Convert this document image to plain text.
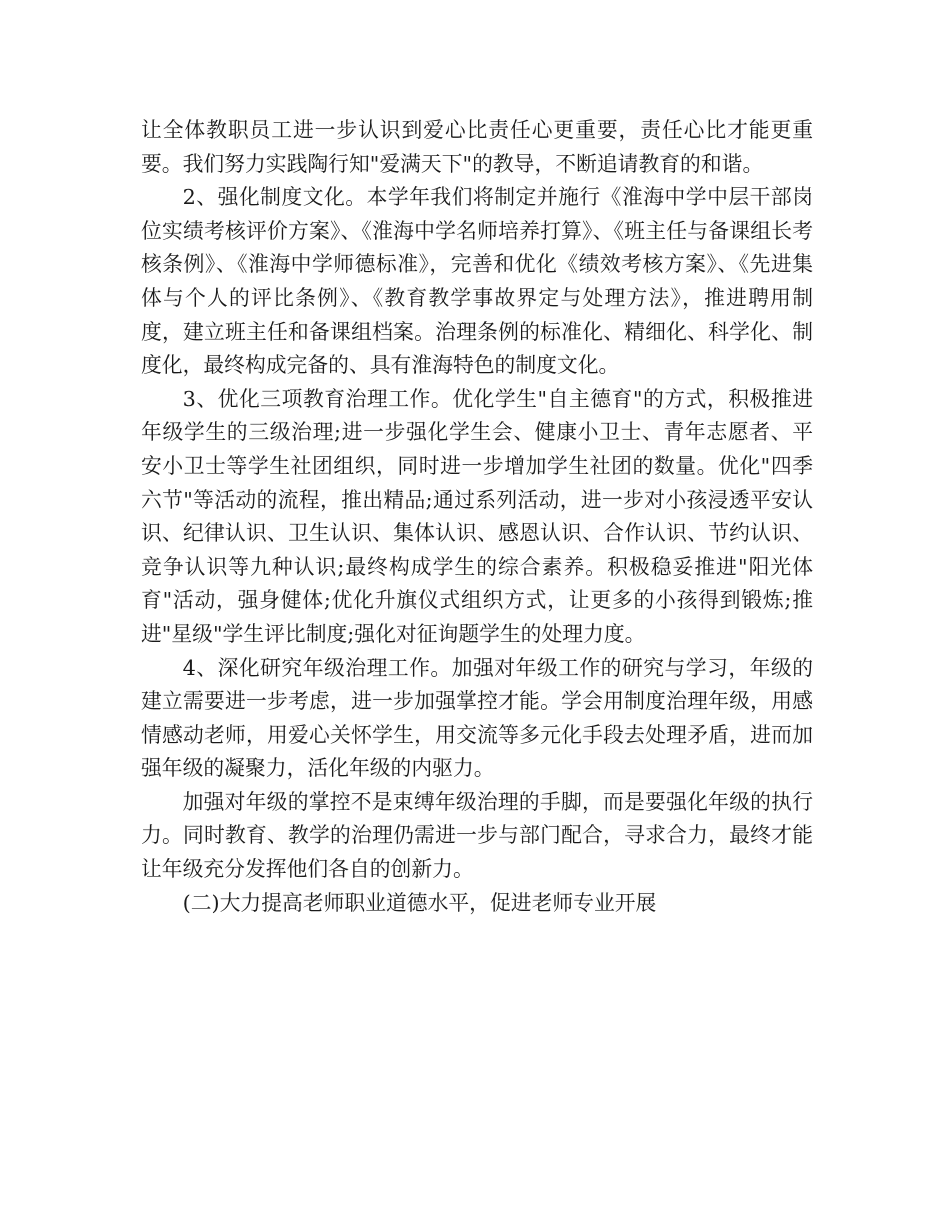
让全体教职员工进一步认识到爱心比责任心更重要，责任心比才能更重要。我们努力实践陶行知"爱满天下"的教导，不断追请教育的和谐。

2、强化制度文化。本学年我们将制定并施行《淮海中学中层干部岗位实绩考核评价方案》、《淮海中学名师培养打算》、《班主任与备课组长考核条例》、《淮海中学师德标准》，完善和优化《绩效考核方案》、《先进集体与个人的评比条例》、《教育教学事故界定与处理方法》，推进聘用制度，建立班主任和备课组档案。治理条例的标准化、精细化、科学化、制度化，最终构成完备的、具有淮海特色的制度文化。

3、优化三项教育治理工作。优化学生"自主德育"的方式，积极推进年级学生的三级治理;进一步强化学生会、健康小卫士、青年志愿者、平安小卫士等学生社团组织，同时进一步增加学生社团的数量。优化"四季六节"等活动的流程，推出精品;通过系列活动，进一步对小孩浸透平安认识、纪律认识、卫生认识、集体认识、感恩认识、合作认识、节约认识、竞争认识等九种认识;最终构成学生的综合素养。积极稳妥推进"阳光体育"活动，强身健体;优化升旗仪式组织方式，让更多的小孩得到锻炼;推进"星级"学生评比制度;强化对征询题学生的处理力度。

4、深化研究年级治理工作。加强对年级工作的研究与学习，年级的建立需要进一步考虑，进一步加强掌控才能。学会用制度治理年级，用感情感动老师，用爱心关怀学生，用交流等多元化手段去处理矛盾，进而加强年级的凝聚力，活化年级的内驱力。

加强对年级的掌控不是束缚年级治理的手脚，而是要强化年级的执行力。同时教育、教学的治理仍需进一步与部门配合，寻求合力，最终才能让年级充分发挥他们各自的创新力。

(二)大力提高老师职业道德水平，促进老师专业开展
